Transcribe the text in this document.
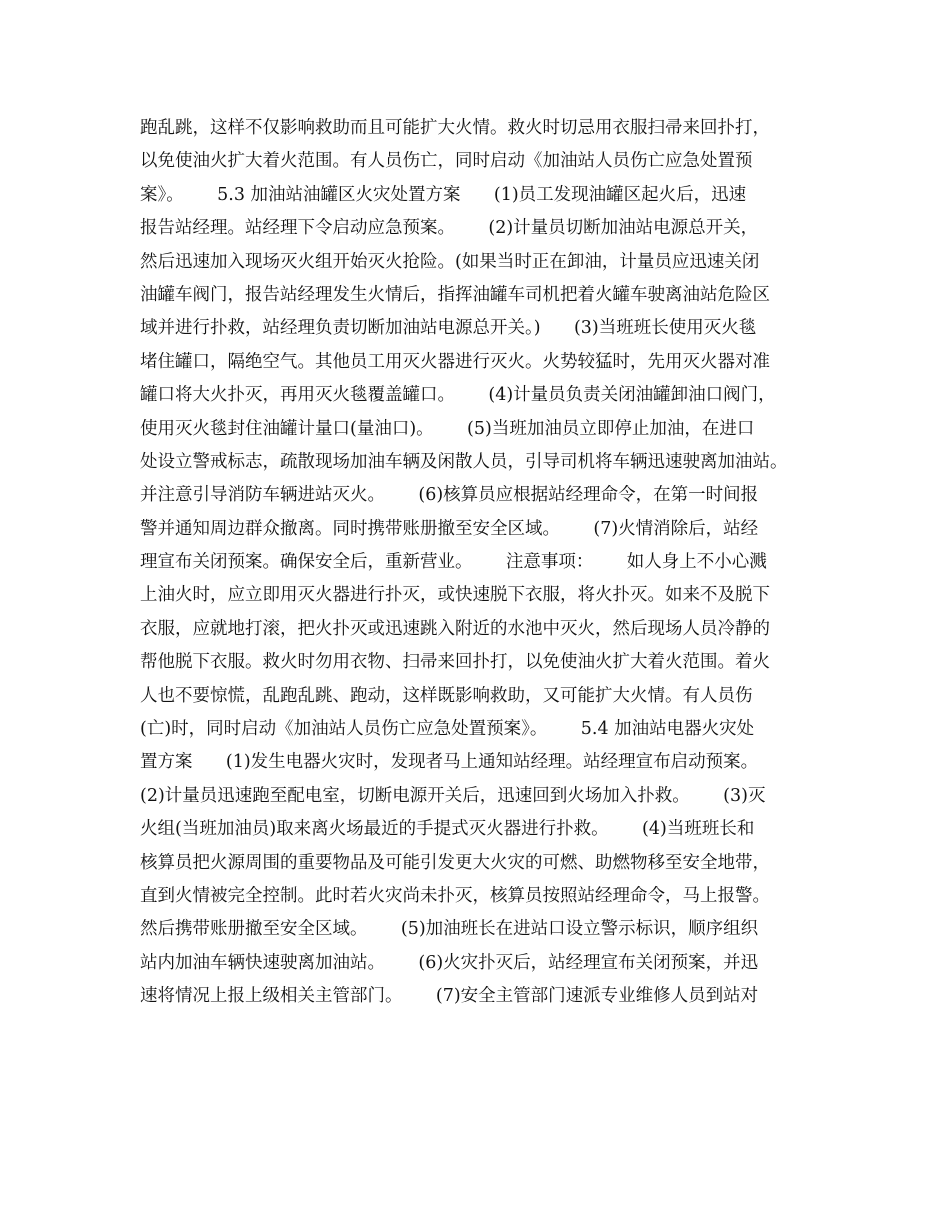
跑乱跳，这样不仅影响救助而且可能扩大火情。救火时切忌用衣服扫帚来回扑打，
以免使油火扩大着火范围。有人员伤亡，同时启动《加油站人员伤亡应急处置预
案》。      5.3 加油站油罐区火灾处置方案      (1)员工发现油罐区起火后，迅速
报告站经理。站经理下令启动应急预案。      (2)计量员切断加油站电源总开关，
然后迅速加入现场灭火组开始灭火抢险。(如果当时正在卸油，计量员应迅速关闭
油罐车阀门，报告站经理发生火情后，指挥油罐车司机把着火罐车驶离油站危险区
域并进行扑救，站经理负责切断加油站电源总开关。)      (3)当班班长使用灭火毯
堵住罐口，隔绝空气。其他员工用灭火器进行灭火。火势较猛时，先用灭火器对准
罐口将大火扑灭，再用灭火毯覆盖罐口。      (4)计量员负责关闭油罐卸油口阀门，
使用灭火毯封住油罐计量口(量油口)。      (5)当班加油员立即停止加油，在进口
处设立警戒标志，疏散现场加油车辆及闲散人员，引导司机将车辆迅速驶离加油站。
并注意引导消防车辆进站灭火。      (6)核算员应根据站经理命令，在第一时间报
警并通知周边群众撤离。同时携带账册撤至安全区域。      (7)火情消除后，站经
理宣布关闭预案。确保安全后，重新营业。      注意事项：      如人身上不小心溅
上油火时，应立即用灭火器进行扑灭，或快速脱下衣服，将火扑灭。如来不及脱下
衣服，应就地打滚，把火扑灭或迅速跳入附近的水池中灭火，然后现场人员冷静的
帮他脱下衣服。救火时勿用衣物、扫帚来回扑打，以免使油火扩大着火范围。着火
人也不要惊慌，乱跑乱跳、跑动，这样既影响救助，又可能扩大火情。有人员伤
(亡)时，同时启动《加油站人员伤亡应急处置预案》。      5.4 加油站电器火灾处
置方案      (1)发生电器火灾时，发现者马上通知站经理。站经理宣布启动预案。
(2)计量员迅速跑至配电室，切断电源开关后，迅速回到火场加入扑救。      (3)灭
火组(当班加油员)取来离火场最近的手提式灭火器进行扑救。      (4)当班班长和
核算员把火源周围的重要物品及可能引发更大火灾的可燃、助燃物移至安全地带，
直到火情被完全控制。此时若火灾尚未扑灭，核算员按照站经理命令，马上报警。
然后携带账册撤至安全区域。      (5)加油班长在进站口设立警示标识，顺序组织
站内加油车辆快速驶离加油站。      (6)火灾扑灭后，站经理宣布关闭预案，并迅
速将情况上报上级相关主管部门。      (7)安全主管部门速派专业维修人员到站对
